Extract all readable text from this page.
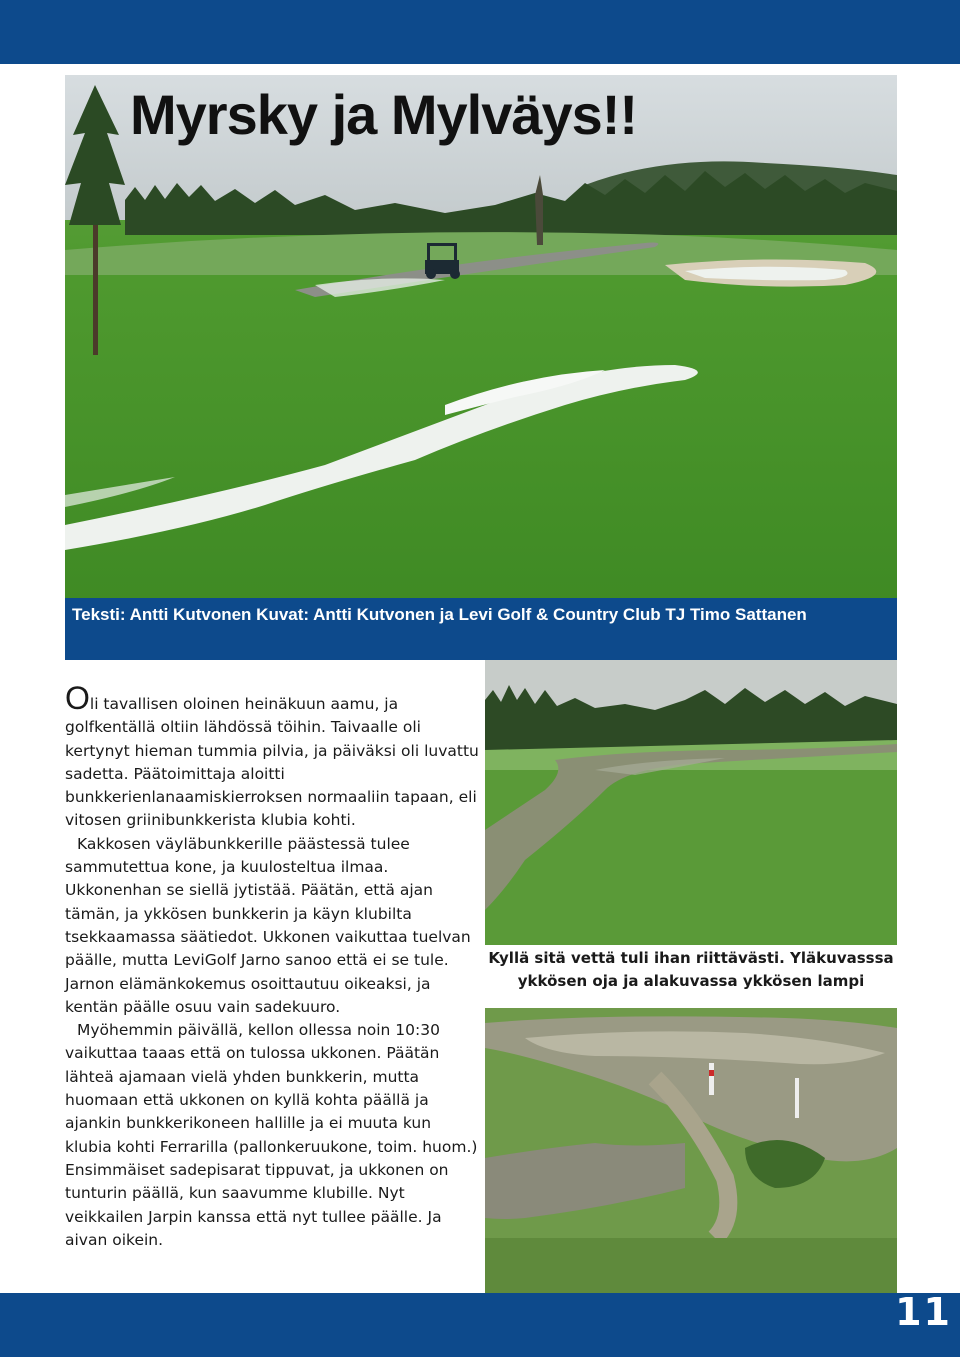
Myrsky ja Mylväys!!
Teksti: Antti Kutvonen Kuvat: Antti Kutvonen ja Levi Golf & Country Club TJ Timo Sattanen

Oli tavallisen oloinen heinäkuun aamu, ja golfkentällä oltiin lähdössä töihin. Taivaalle oli kertynyt hieman tummia pilvia, ja päiväksi oli luvattu sadetta. Päätoimittaja aloitti bunkkerienlanaamiskierroksen normaaliin tapaan, eli vitosen griinibunkkerista klubia kohti.

Kakkosen väyläbunkkerille päästessä tulee sammutettua kone, ja kuulosteltua ilmaa. Ukkonenhan se siellä jytistää. Päätän, että ajan tämän, ja ykkösen bunkkerin ja käyn klubilta tsekkaamassa säätiedot. Ukkonen vaikuttaa tuelvan päälle, mutta LeviGolf Jarno sanoo että ei se tule. Jarnon elämänkokemus osoittautuu oikeaksi, ja kentän päälle osuu vain sadekuuro.

Myöhemmin päivällä, kellon ollessa noin 10:30 vaikuttaa taaas että on tulossa ukkonen. Päätän lähteä ajamaan vielä yhden bunkkerin, mutta huomaan että ukkonen on kyllä kohta päällä ja ajankin bunkkerikoneen hallille ja ei muuta kun klubia kohti Ferrarilla (pallonkeruukone, toim. huom.) Ensimmäiset sadepisarat tippuvat, ja ukkonen on tunturin päällä, kun saavumme klubille. Nyt veikkailen Jarpin kanssa että nyt tullee päälle. Ja aivan oikein.

Kyllä sitä vettä tuli ihan riittävästi. Yläkuvasssa
ykkösen oja ja alakuvassa ykkösen lampi
11
